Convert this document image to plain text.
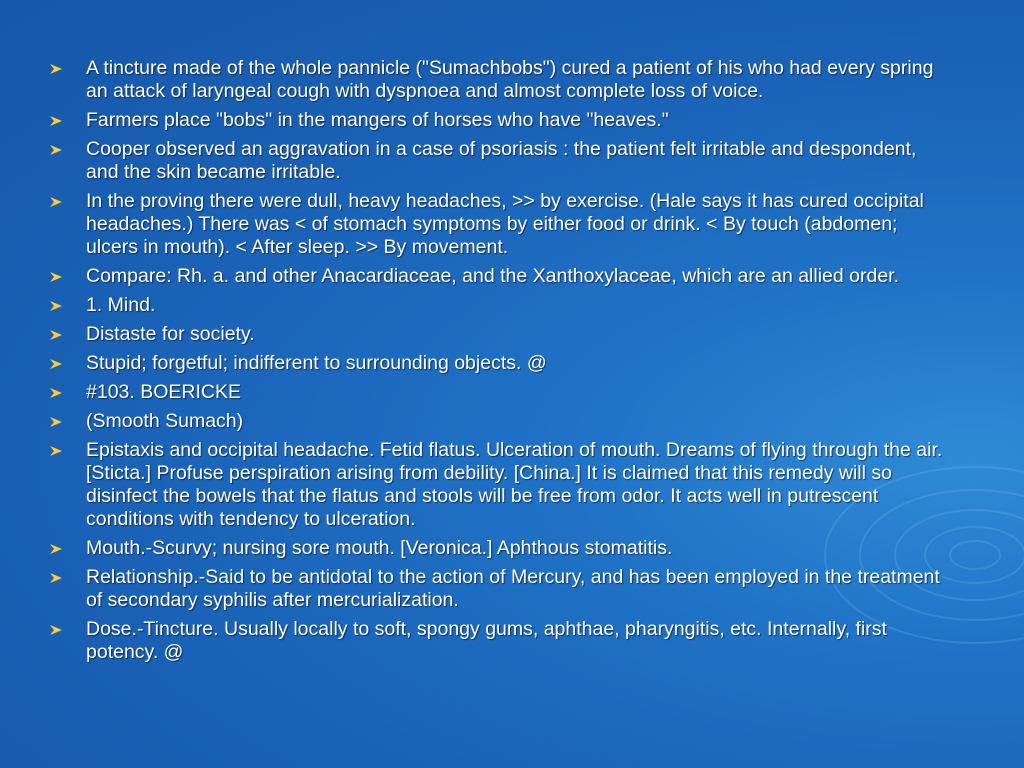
A tincture made of the whole pannicle ("Sumachbobs") cured a patient of his who had every spring an attack of laryngeal cough with dyspnoea and almost complete loss of voice.
Farmers place "bobs" in the mangers of horses who have "heaves."
Cooper observed an aggravation in a case of psoriasis : the patient felt irritable and despondent, and the skin became irritable.
In the proving there were dull, heavy headaches, >> by exercise. (Hale says it has cured occipital headaches.) There was < of stomach symptoms by either food or drink. < By touch (abdomen; ulcers in mouth). < After sleep. >> By movement.
Compare: Rh. a. and other Anacardiaceae, and the Xanthoxylaceae, which are an allied order.
1. Mind.
Distaste for society.
Stupid; forgetful; indifferent to surrounding objects. @
#103. BOERICKE
(Smooth Sumach)
Epistaxis and occipital headache. Fetid flatus. Ulceration of mouth. Dreams of flying through the air. [Sticta.] Profuse perspiration arising from debility. [China.] It is claimed that this remedy will so disinfect the bowels that the flatus and stools will be free from odor. It acts well in putrescent conditions with tendency to ulceration.
Mouth.-Scurvy; nursing sore mouth. [Veronica.] Aphthous stomatitis.
Relationship.-Said to be antidotal to the action of Mercury, and has been employed in the treatment of secondary syphilis after mercurialization.
Dose.-Tincture. Usually locally to soft, spongy gums, aphthae, pharyngitis, etc. Internally, first potency. @
